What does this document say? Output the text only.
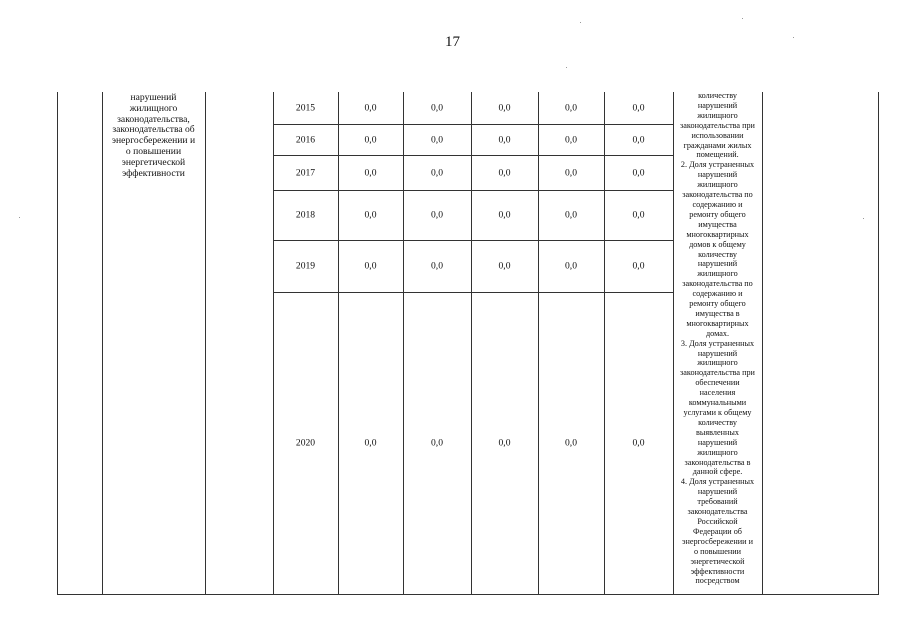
17
нарушений
жилищного
законодательства,
законодательства об
энергосбережении и
о повышении
энергетической
эффективности
2015	0,0	0,0	0,0	0,0	0,0
2016	0,0	0,0	0,0	0,0	0,0
2017	0,0	0,0	0,0	0,0	0,0
2018	0,0	0,0	0,0	0,0	0,0
2019	0,0	0,0	0,0	0,0	0,0
2020	0,0	0,0	0,0	0,0	0,0
количеству
нарушений
жилищного
законодательства при
использовании
гражданами жилых
помещений.
2. Доля устраненных
нарушений
жилищного
законодательства по
содержанию и
ремонту общего
имущества
многоквартирных
домов к общему
количеству
нарушений
жилищного
законодательства по
содержанию и
ремонту общего
имущества в
многоквартирных
домах.
3. Доля устраненных
нарушений
жилищного
законодательства при
обеспечении
населения
коммунальными
услугами к общему
количеству
выявленных
нарушений
жилищного
законодательства в
данной сфере.
4. Доля устраненных
нарушений
требований
законодательства
Российской
Федерации об
энергосбережении и
о повышении
энергетической
эффективности
посредством
